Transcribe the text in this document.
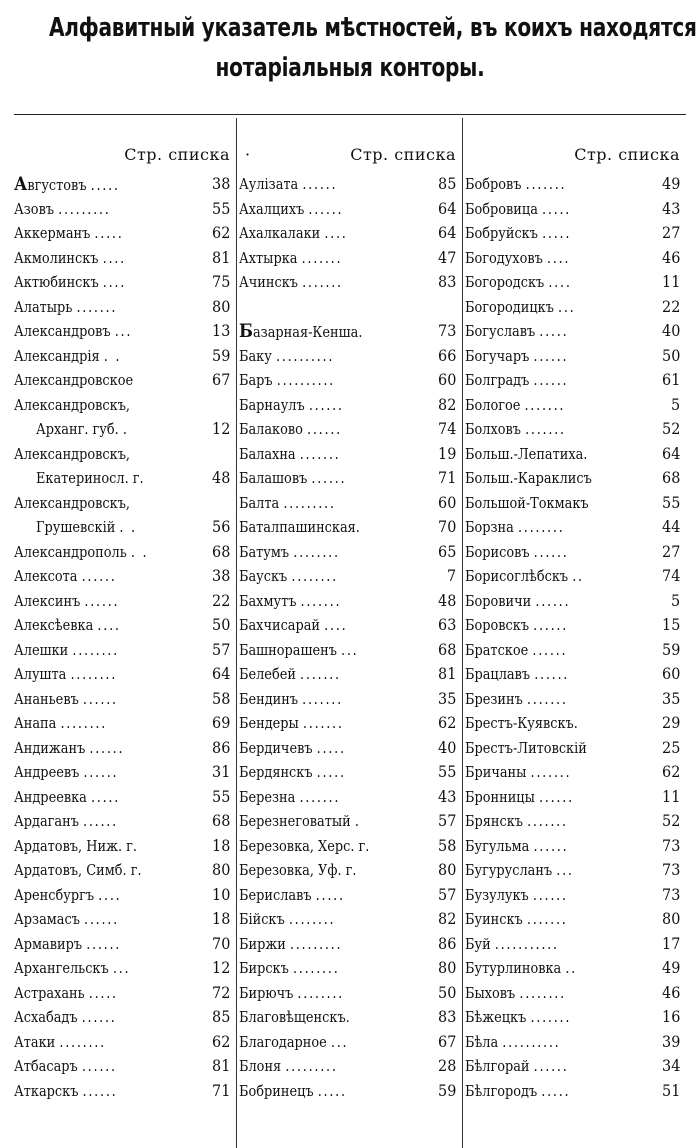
Алфавитный указатель мѣстностей, въ коихъ находятся
нотаріальныя конторы.
Стр. списка
Августовъ .....	38
Азовъ .........	55
Аккерманъ .....	62
Акмолинскъ ....	81
Актюбинскъ ....	75
Алатырь .......	80
Александровъ ...	13
Александрія . .	59
Александровское	67
Александровскъ,
Арханг. губ. .	12
Александровскъ,
Екатериносл. г.	48
Александровскъ,
Грушевскій . .	56
Александрополь . .	68
Алексота ......	38
Алексинъ ......	22
Алексѣевка ....	50
Алешки ........	57
Алушта ........	64
Ананьевъ ......	58
Анапа ........	69
Андижанъ ......	86
Андреевъ ......	31
Андреевка .....	55
Ардаганъ ......	68
Ардатовъ, Ниж. г.	18
Ардатовъ, Симб. г.	80
Аренсбургъ ....	10
Арзамасъ ......	18
Армавиръ ......	70
Архангельскъ ...	12
Астрахань .....	72
Асхабадъ ......	85
Атаки ........	62
Атбасаръ ......	81
Аткарскъ ......	71
·	Стр. списка
Аулізата ......	85
Ахалцихъ ......	64
Ахалкалаки ....	64
Ахтырка .......	47
Ачинскъ .......	83
Базарная-Кенша.	73
Баку ..........	66
Баръ ..........	60
Барнаулъ ......	82
Балаково ......	74
Балахна .......	19
Балашовъ ......	71
Балта .........	60
Баталпашинская.	70
Батумъ ........	65
Баускъ ........	7
Бахмутъ .......	48
Бахчисарай ....	63
Башнорашенъ ...	68
Белебей .......	81
Бендинъ .......	35
Бендеры .......	62
Бердичевъ .....	40
Бердянскъ .....	55
Березна .......	43
Березнеговатый .	57
Березовка, Херс. г.	58
Березовка, Уф. г.	80
Бериславъ .....	57
Бійскъ ........	82
Биржи .........	86
Бирскъ ........	80
Бирючъ ........	50
Благовѣщенскъ.	83
Благодарное ...	67
Блоня .........	28
Бобринецъ .....	59
Стр. списка
Бобровъ .......	49
Бобровица .....	43
Бобруйскъ .....	27
Богодуховъ ....	46
Богородскъ ....	11
Богородицкъ ...	22
Богуславъ .....	40
Богучаръ ......	50
Болградъ ......	61
Бологое .......	5
Болховъ .......	52
Больш.-Лепатиха.	64
Больш.-Караклисъ	68
Большой-Токмакъ	55
Борзна ........	44
Борисовъ ......	27
Борисоглѣбскъ ..	74
Боровичи ......	5
Боровскъ ......	15
Братское ......	59
Брацлавъ ......	60
Брезинъ .......	35
Брестъ-Куявскъ.	29
Брестъ-Литовскій	25
Бричаны .......	62
Бронницы ......	11
Брянскъ .......	52
Бугульма ......	73
Бугурусланъ ...	73
Бузулукъ ......	73
Буинскъ .......	80
Буй ...........	17
Бутурлиновка ..	49
Быховъ ........	46
Бѣжецкъ .......	16
Бѣла ..........	39
Бѣлгорай ......	34
Бѣлгородъ .....	51
